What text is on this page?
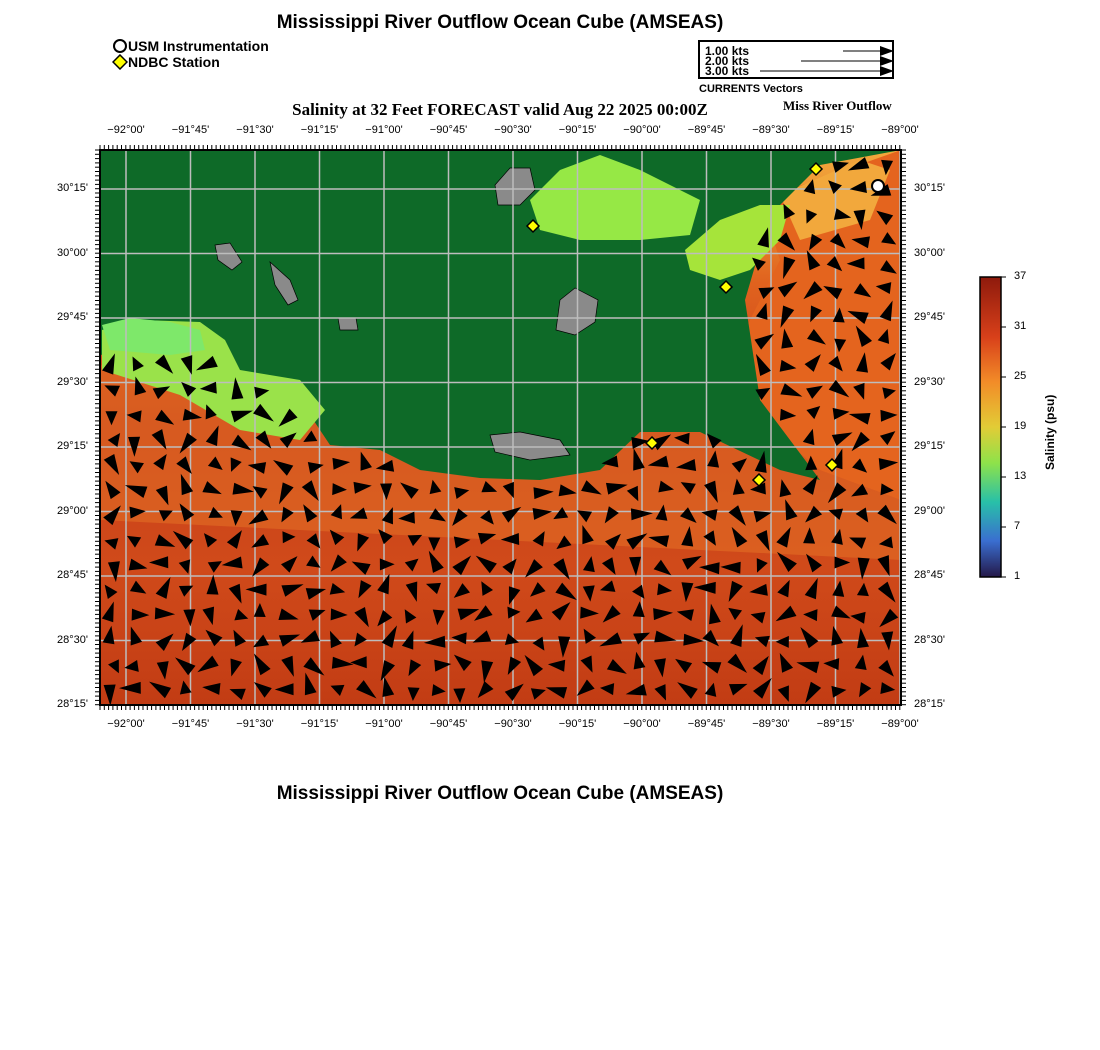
Mississippi River Outflow Ocean Cube (AMSEAS)
USM Instrumentation
NDBC Station
1.00 kts
2.00 kts
3.00 kts
CURRENTS Vectors
Salinity at 32 Feet FORECAST valid Aug 22 2025 00:00Z	Miss River Outflow
−92°00'	−91°45'	−91°30'	−91°15'	−91°00'	−90°45'	−90°30'	−90°15'	−90°00'	−89°45'	−89°30'	−89°15'	−89°00'
−92°00'	−91°45'	−91°30'	−91°15'	−91°00'	−90°45'	−90°30'	−90°15'	−90°00'	−89°45'	−89°30'	−89°15'	−89°00'
30°15'
30°00'
29°45'
29°30'
29°15'
29°00'
28°45'
28°30'
28°15'
30°15'
30°00'
29°45'
29°30'
29°15'
29°00'
28°45'
28°30'
28°15'
37
31
25
19
13
7
1
Salinity (psu)
Mississippi River Outflow Ocean Cube (AMSEAS)
